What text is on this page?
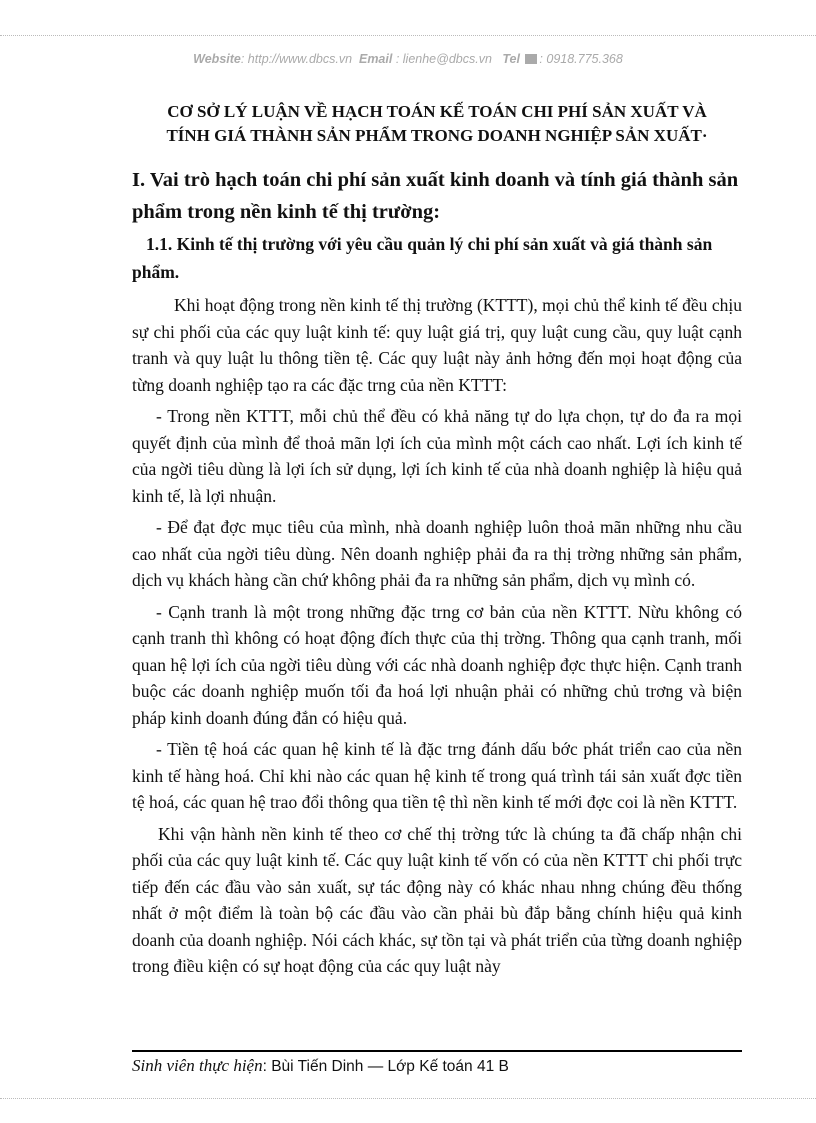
Website: http://www.dbcs.vn Email : lienhe@dbcs.vn Tel : 0918.775.368
CƠ SỞ LÝ LUẬN VỀ HẠCH TOÁN KẾ TOÁN CHI PHÍ SẢN XUẤT VÀ
TÍNH GIÁ THÀNH SẢN PHẨM TRONG DOANH NGHIỆP SẢN XUẤT·
I. Vai trò hạch toán chi phí sản xuất kinh doanh và tính giá thành sản phẩm trong nền kinh tế thị trường:
1.1. Kinh tế thị trường với yêu cầu quản lý chi phí sản xuất và giá thành sản phẩm.

Khi hoạt động trong nền kinh tế thị trường (KTTT), mọi chủ thể kinh tế đều chịu sự chi phối của các quy luật kinh tế: quy luật giá trị, quy luật cung cầu, quy luật cạnh tranh và quy luật lu thông tiền tệ. Các quy luật này ảnh hởng đến mọi hoạt động của từng doanh nghiệp tạo ra các đặc trng của nền KTTT:

- Trong nền KTTT, mỗi chủ thể đều có khả năng tự do lựa chọn, tự do đa ra mọi quyết định của mình để thoả mãn lợi ích của mình một cách cao nhất. Lợi ích kinh tế của ngời tiêu dùng là lợi ích sử dụng, lợi ích kinh tế của nhà doanh nghiệp là hiệu quả kinh tế, là lợi nhuận.

- Để đạt đợc mục tiêu của mình, nhà doanh nghiệp luôn thoả mãn những nhu cầu cao nhất của ngời tiêu dùng. Nên doanh nghiệp phải đa ra thị trờng những sản phẩm, dịch vụ khách hàng cần chứ không phải đa ra những sản phẩm, dịch vụ mình có.

- Cạnh tranh là một trong những đặc trng cơ bản của nền KTTT. Nừu không có cạnh tranh thì không có hoạt động đích thực của thị trờng. Thông qua cạnh tranh, mối quan hệ lợi ích của ngời tiêu dùng với các nhà doanh nghiệp đợc thực hiện. Cạnh tranh buộc các doanh nghiệp muốn tối đa hoá lợi nhuận phải có những chủ trơng và biện pháp kinh doanh đúng đắn có hiệu quả.

- Tiền tệ hoá các quan hệ kinh tế là đặc trng đánh dấu bớc phát triển cao của nền kinh tế hàng hoá. Chỉ khi nào các quan hệ kinh tế trong quá trình tái sản xuất đợc tiền tệ hoá, các quan hệ trao đổi thông qua tiền tệ thì nền kinh tế mới đợc coi là nền KTTT.

Khi vận hành nền kinh tế theo cơ chế thị trờng tức là chúng ta đã chấp nhận chi phối của các quy luật kinh tế. Các quy luật kinh tế vốn có của nền KTTT chi phối trực tiếp đến các đầu vào sản xuất, sự tác động này có khác nhau nhng chúng đều thống nhất ở một điểm là toàn bộ các đầu vào cần phải bù đắp bằng chính hiệu quả kinh doanh của doanh nghiệp. Nói cách khác, sự tồn tại và phát triển của từng doanh nghiệp trong điều kiện có sự hoạt động của các quy luật này

Sinh viên thực hiện: Bùi Tiến Dinh — Lớp Kế toán 41 B
